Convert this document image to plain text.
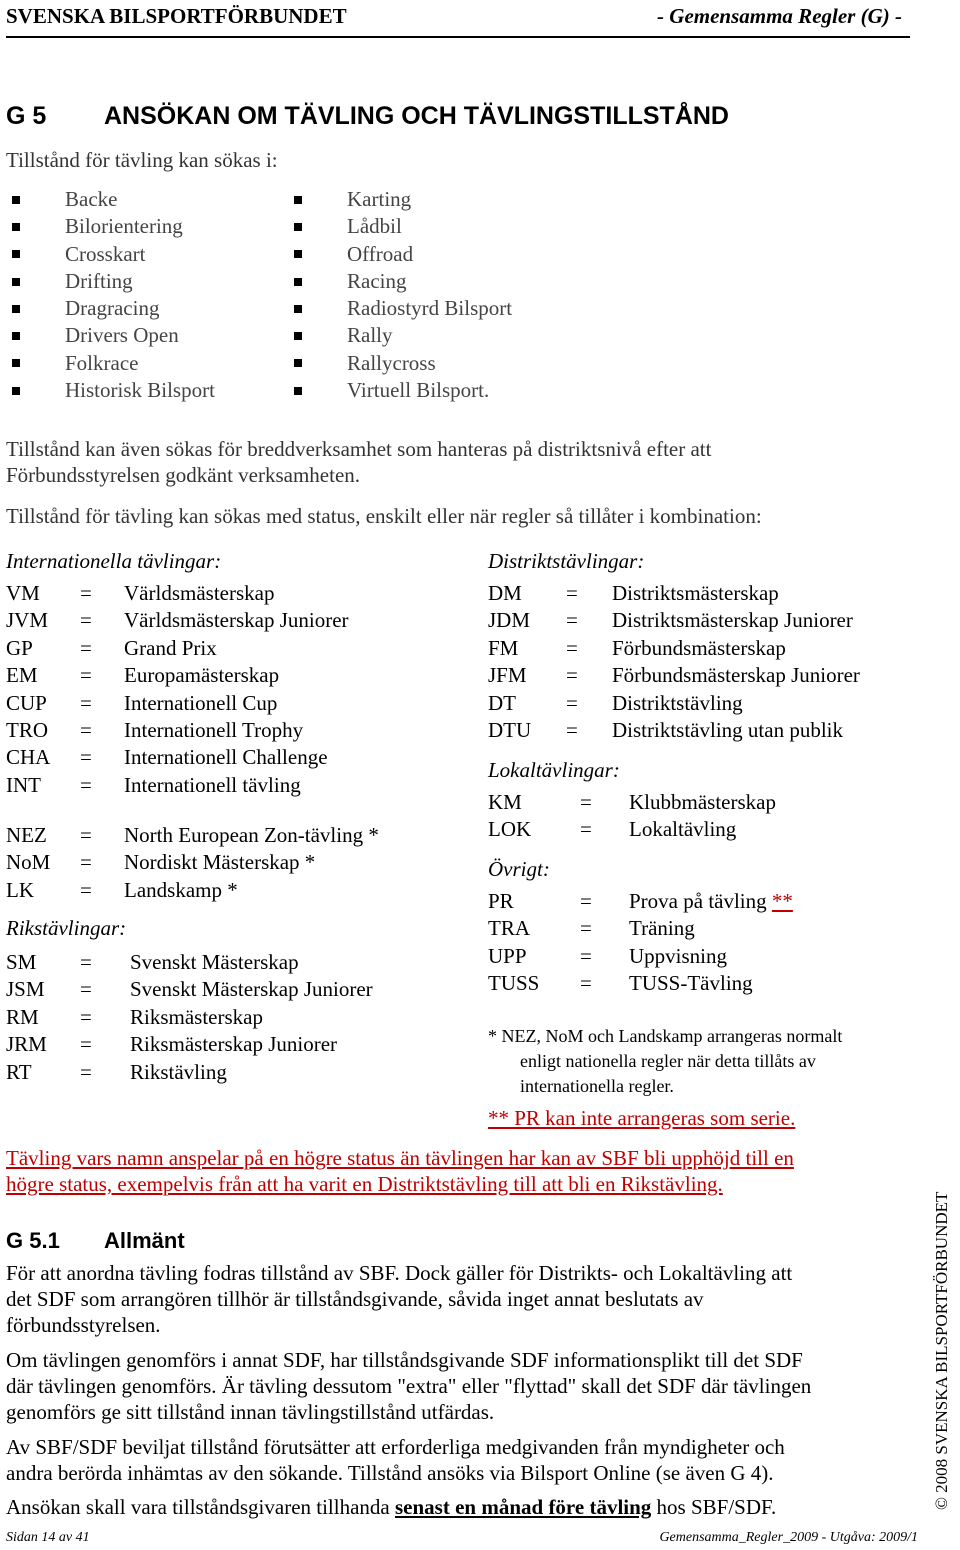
SVENSKA BILSPORTFÖRBUNDET	- Gemensamma Regler (G) -
G 5 ANSÖKAN OM TÄVLING OCH TÄVLINGSTILLSTÅND
Tillstånd för tävling kan sökas i:
Backe
Bilorientering
Crosskart
Drifting
Dragracing
Drivers Open
Folkrace
Historisk Bilsport
Karting
Lådbil
Offroad
Racing
Radiostyrd Bilsport
Rally
Rallycross
Virtuell Bilsport.
Tillstånd kan även sökas för breddverksamhet som hanteras på distriktsnivå efter att
Förbundsstyrelsen godkänt verksamheten.
Tillstånd för tävling kan sökas med status, enskilt eller när regler så tillåter i kombination:
Internationella tävlingar:
VM = Världsmästerskap
JVM = Världsmästerskap Juniorer
GP = Grand Prix
EM = Europamästerskap
CUP = Internationell Cup
TRO = Internationell Trophy
CHA = Internationell Challenge
INT = Internationell tävling
NEZ = North European Zon-tävling *
NoM = Nordiskt Mästerskap *
LK = Landskamp *
Rikstävlingar:
SM = Svenskt Mästerskap
JSM = Svenskt Mästerskap Juniorer
RM = Riksmästerskap
JRM = Riksmästerskap Juniorer
RT = Rikstävling
Distriktstävlingar:
DM = Distriktsmästerskap
JDM = Distriktsmästerskap Juniorer
FM = Förbundsmästerskap
JFM = Förbundsmästerskap Juniorer
DT = Distriktstävling
DTU = Distriktstävling utan publik
Lokaltävlingar:
KM	= Klubbmästerskap
LOK = Lokaltävling
Övrigt:
PR	= Prova på tävling **
TRA = Träning
UPP	= Uppvisning
TUSS = TUSS-Tävling
* NEZ, NoM och Landskamp arrangeras normalt
enligt nationella regler när detta tillåts av
internationella regler.
** PR kan inte arrangeras som serie.
Tävling vars namn anspelar på en högre status än tävlingen har kan av SBF bli upphöjd till en
högre status, exempelvis från att ha varit en Distriktstävling till att bli en Rikstävling.
G 5.1 Allmänt
För att anordna tävling fodras tillstånd av SBF. Dock gäller för Distrikts- och Lokaltävling att
det SDF som arrangören tillhör är tillståndsgivande, såvida inget annat beslutats av
förbundsstyrelsen.
Om tävlingen genomförs i annat SDF, har tillståndsgivande SDF informationsplikt till det SDF
där tävlingen genomförs. Är tävling dessutom "extra" eller "flyttad" skall det SDF där tävlingen
genomförs ge sitt tillstånd innan tävlingstillstånd utfärdas.
Av SBF/SDF beviljat tillstånd förutsätter att erforderliga medgivanden från myndigheter och
andra berörda inhämtas av den sökande. Tillstånd ansöks via Bilsport Online (se även G 4).
Ansökan skall vara tillståndsgivaren tillhanda senast en månad före tävling hos SBF/SDF.	© 2008 SVENSKA BILSPORTFÖRBUNDET
Sidan 14 av 41	Gemensamma_Regler_2009 - Utgåva: 2009/1
